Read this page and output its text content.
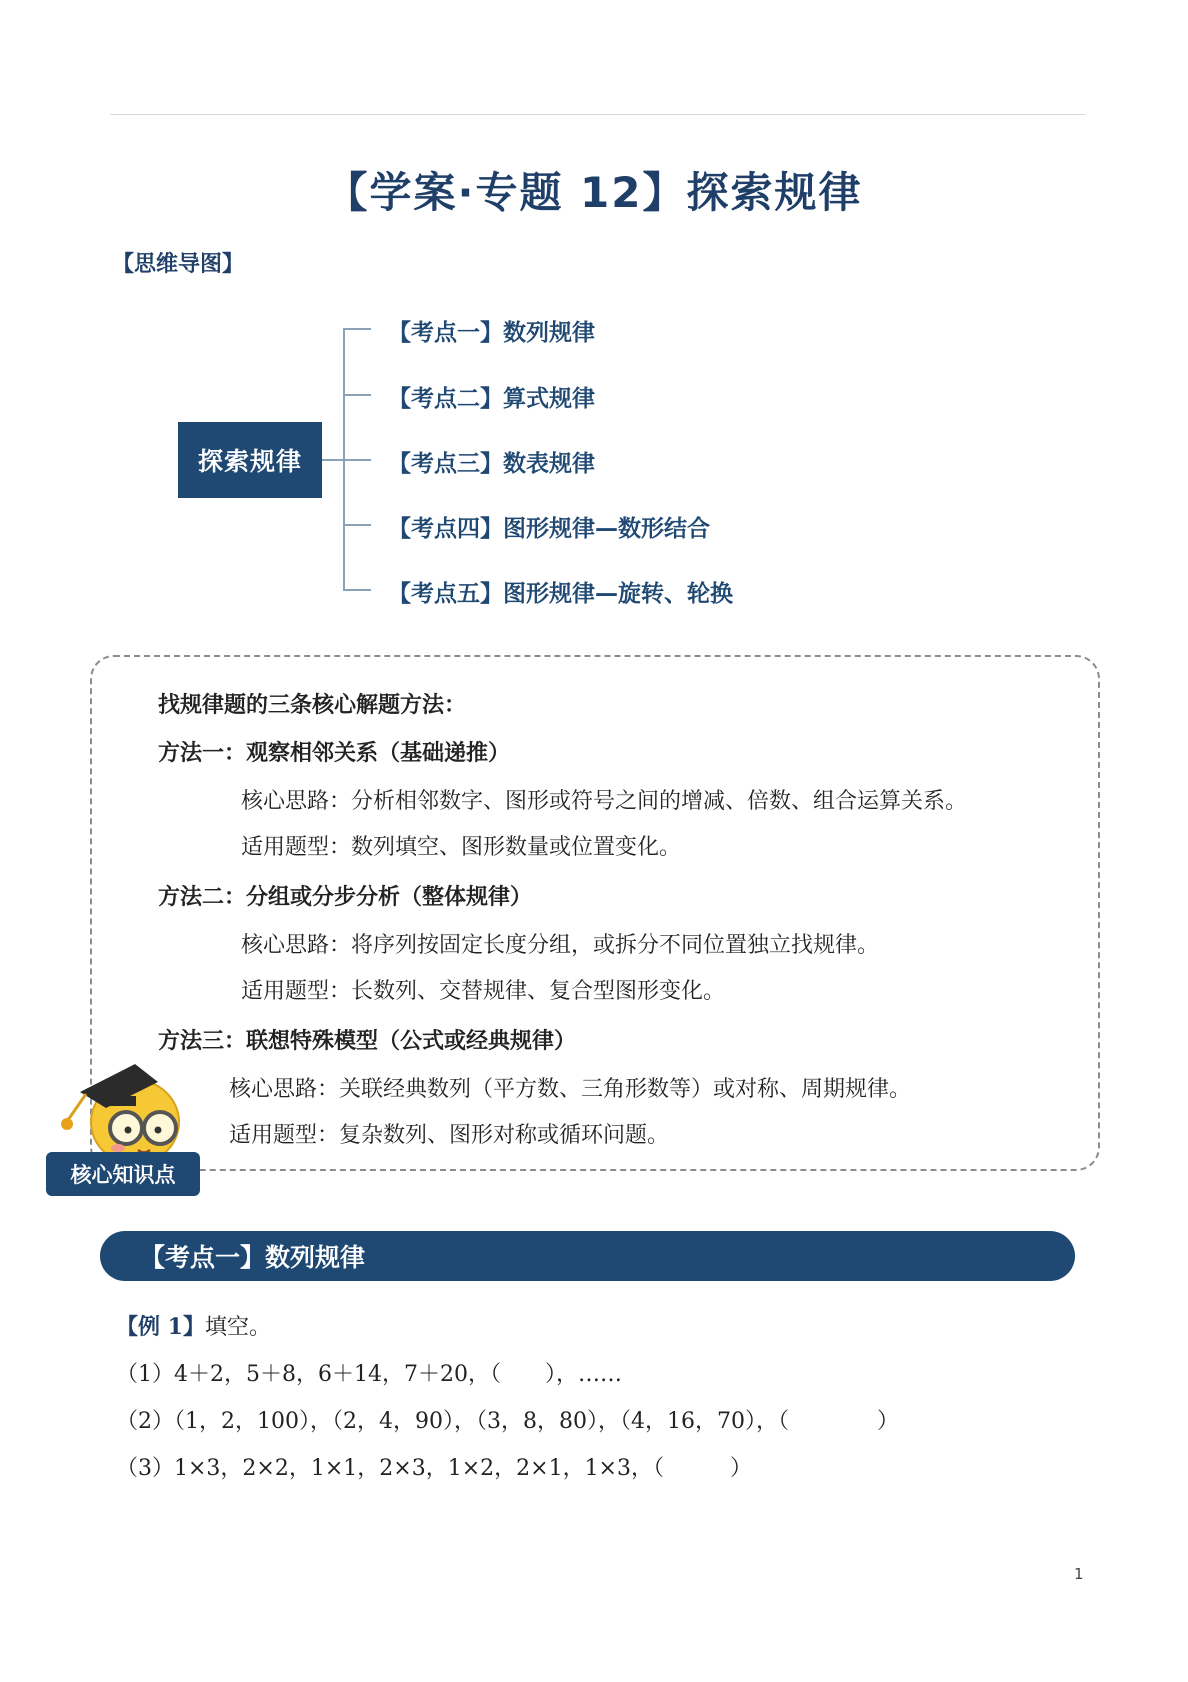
【学案·专题 12】探索规律
【思维导图】
探索规律
【考点一】数列规律
【考点二】算式规律
【考点三】数表规律
【考点四】图形规律—数形结合
【考点五】图形规律—旋转、轮换
找规律题的三条核心解题方法：
方法一：观察相邻关系（基础递推）
核心思路：分析相邻数字、图形或符号之间的增减、倍数、组合运算关系。
适用题型：数列填空、图形数量或位置变化。
方法二：分组或分步分析（整体规律）
核心思路：将序列按固定长度分组，或拆分不同位置独立找规律。
适用题型：长数列、交替规律、复合型图形变化。
方法三：联想特殊模型（公式或经典规律）
核心思路：关联经典数列（平方数、三角形数等）或对称、周期规律。
适用题型：复杂数列、图形对称或循环问题。
核心知识点
【考点一】数列规律
【例 1】填空。
（1）4＋2，5＋8，6＋14，7＋20，（　　），……
（2）（1，2，100），（2，4，90），（3，8，80），（4，16，70），（　　　　）
（3）1×3，2×2，1×1，2×3，1×2，2×1，1×3，（　　　）
1
